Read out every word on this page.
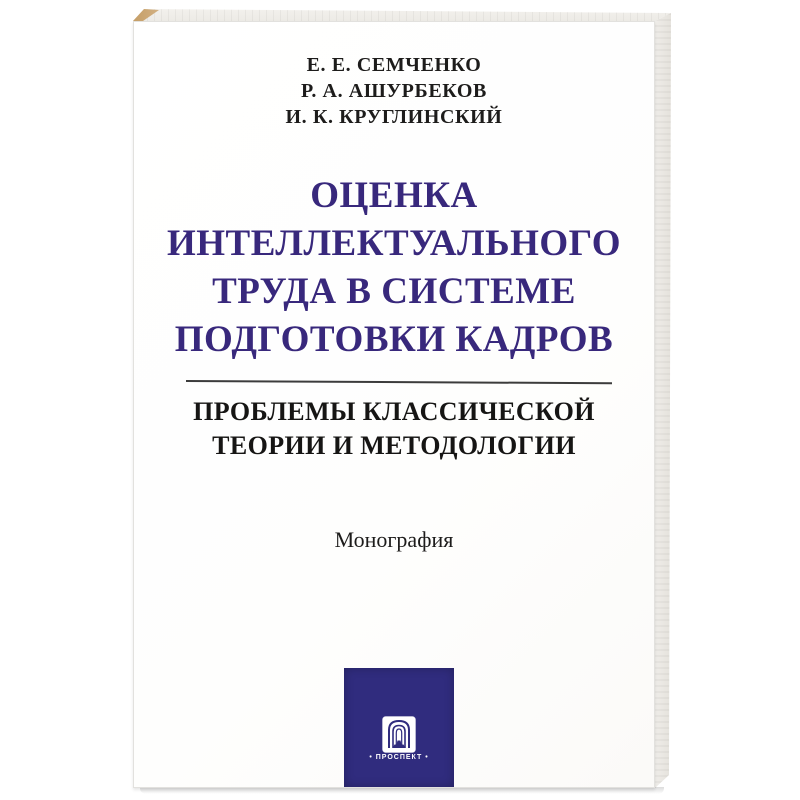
Е. Е. СЕМЧЕНКО
Р. А. АШУРБЕКОВ
И. К. КРУГЛИНСКИЙ
ОЦЕНКА
ИНТЕЛЛЕКТУАЛЬНОГО
ТРУДА В СИСТЕМЕ
ПОДГОТОВКИ КАДРОВ
ПРОБЛЕМЫ КЛАССИЧЕСКОЙ
ТЕОРИИ И МЕТОДОЛОГИИ
Монография
• ПРОСПЕКТ •
